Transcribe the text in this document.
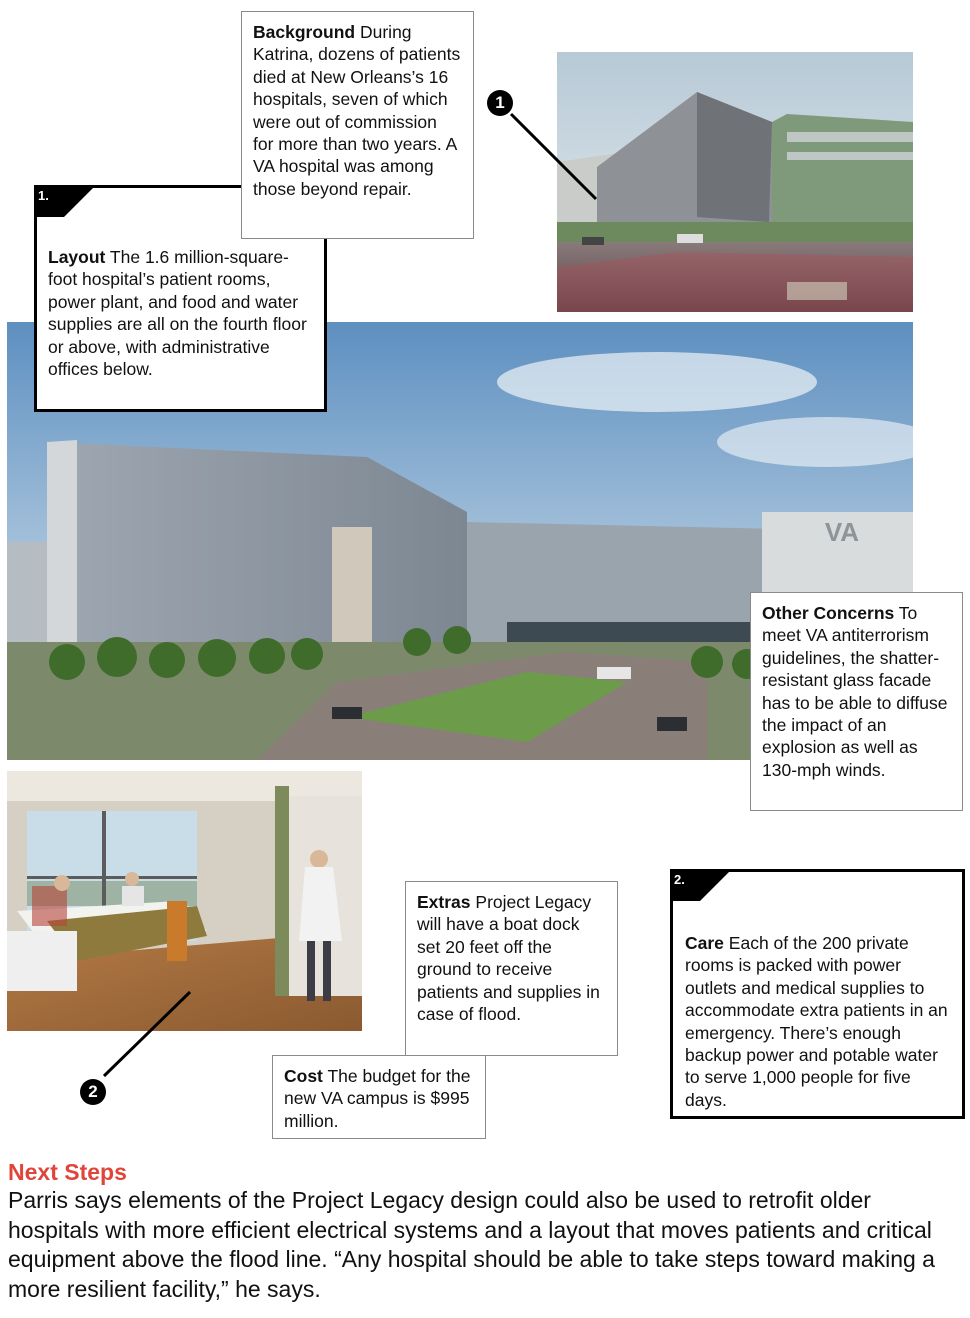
VA
1
2
1.
Layout The 1.6 million-square-foot hospital’s patient rooms, power plant, and food and water supplies are all on the fourth floor or above, with administrative offices below.
Background During Katrina, dozens of patients died at New Orleans’s 16 hospitals, seven of which were out of commission for more than two years. A VA hospital was among those beyond repair.
Other Concerns To meet VA antiterrorism guidelines, the shatter-resistant glass facade has to be able to diffuse the impact of an explosion as well as 130-mph winds.
Extras Project Legacy will have a boat dock set 20 feet off the ground to receive patients and supplies in case of flood.
Cost The budget for the new VA campus is $995 million.
2.
Care Each of the 200 private rooms is packed with power outlets and medical supplies to accommodate extra patients in an emergency. There’s enough backup power and potable water to serve 1,000 people for five days.
Next Steps
Parris says elements of the Project Legacy design could also be used to retrofit older hospitals with more efficient electrical systems and a layout that moves patients and critical equipment above the flood line. “Any hospital should be able to take steps toward making a more resilient facility,” he says.
